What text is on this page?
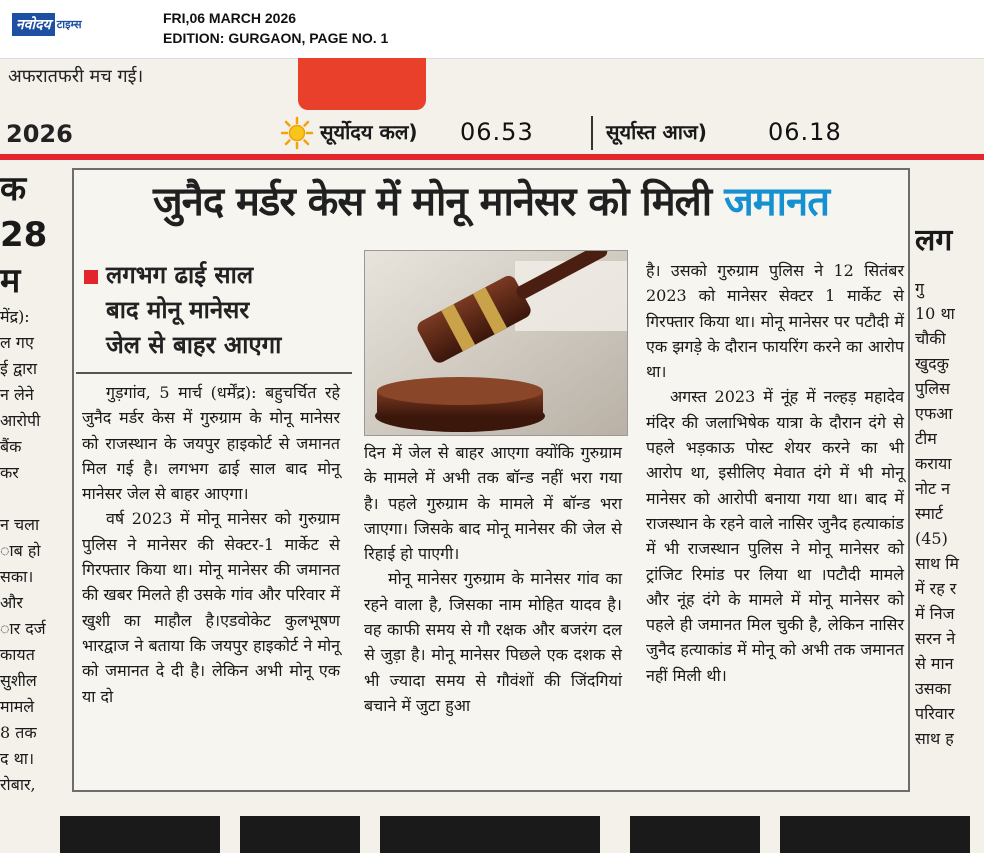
नवोदय टाइम्स	FRI,06 MARCH 2026
EDITION: GURGAON, PAGE NO. 1
अफरातफरी मच गई।
2026	सूर्योदय कल) 06.53	सूर्यास्त आज)	06.18
क
28
म
मेंद्र):
ल गए
ई द्वारा
न लेने
आरोपी
बैंक
कर

न चला
ाब हो
सका।
और
ार दर्ज
कायत
सुशील
मामले
8 तक
द था।
रोबार,
लग
गु
10 था
चौकी
खुदकु
पुलिस
एफआ
टीम
कराया
नोट न
स्मार्ट
(45)
साथ मि
में रह र
में निज
सरन ने
से मान
उसका
परिवार
साथ ह
जुनैद मर्डर केस में मोनू मानेसर को मिली जमानत
लगभग ढाई साल
बाद मोनू मानेसर
जेल से बाहर आएगा

गुड़गांव, 5 मार्च (धर्मेंद्र): बहुचर्चित रहे जुनैद मर्डर केस में गुरुग्राम के मोनू मानेसर को राजस्थान के जयपुर हाइकोर्ट से जमानत मिल गई है। लगभग ढाई साल बाद मोनू मानेसर जेल से बाहर आएगा।

वर्ष 2023 में मोनू मानेसर को गुरुग्राम पुलिस ने मानेसर की सेक्टर-1 मार्केट से गिरफ्तार किया था। मोनू मानेसर की जमानत की खबर मिलते ही उसके गांव और परिवार में खुशी का माहौल है।एडवोकेट कुलभूषण भारद्वाज ने बताया कि जयपुर हाइकोर्ट ने मोनू को जमानत दे दी है। लेकिन अभी मोनू एक या दो

दिन में जेल से बाहर आएगा क्योंकि गुरुग्राम के मामले में अभी तक बॉन्ड नहीं भरा गया है। पहले गुरुग्राम के मामले में बॉन्ड भरा जाएगा। जिसके बाद मोनू मानेसर की जेल से रिहाई हो पाएगी।

मोनू मानेसर गुरुग्राम के मानेसर गांव का रहने वाला है, जिसका नाम मोहित यादव है। वह काफी समय से गौ रक्षक और बजरंग दल से जुड़ा है। मोनू मानेसर पिछले एक दशक से भी ज्यादा समय से गौवंशों की जिंदगियां बचाने में जुटा हुआ

है। उसको गुरुग्राम पुलिस ने 12 सितंबर 2023 को मानेसर सेक्टर 1 मार्केट से गिरफ्तार किया था। मोनू मानेसर पर पटौदी में एक झगड़े के दौरान फायरिंग करने का आरोप था।

अगस्त 2023 में नूंह में नल्हड़ महादेव मंदिर की जलाभिषेक यात्रा के दौरान दंगे से पहले भड़काऊ पोस्ट शेयर करने का भी आरोप था, इसीलिए मेवात दंगे में भी मोनू मानेसर को आरोपी बनाया गया था। बाद में राजस्थान के रहने वाले नासिर जुनैद हत्याकांड में भी राजस्थान पुलिस ने मोनू मानेसर को ट्रांजिट रिमांड पर लिया था ।पटौदी मामले और नूंह दंगे के मामले में मोनू मानेसर को पहले ही जमानत मिल चुकी है, लेकिन नासिर जुनैद हत्याकांड में मोनू को अभी तक जमानत नहीं मिली थी।
